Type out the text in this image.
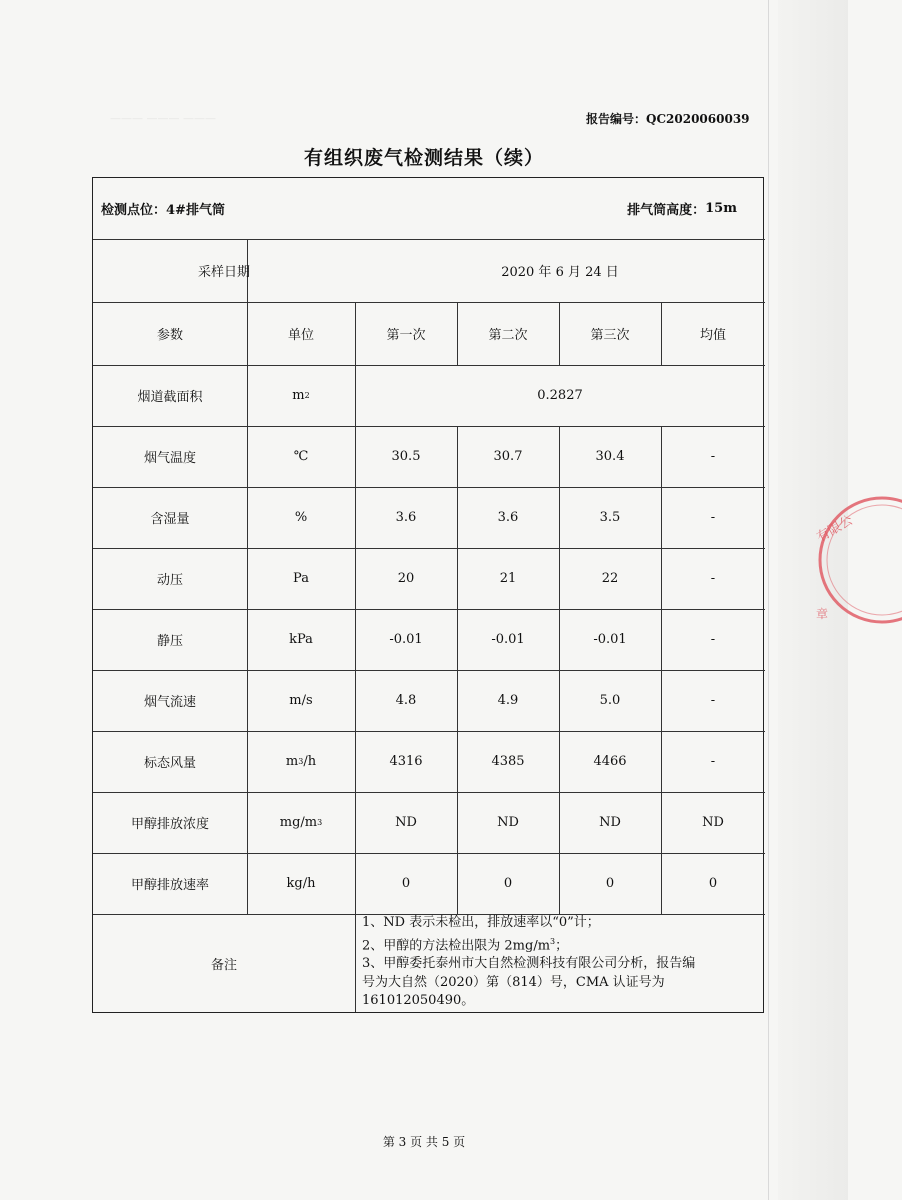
——— ——— ———	报告编号：QC2020060039
有组织废气检测结果（续）
检测点位： 4#排气筒	排气筒高度： 15m
采样日期	2020 年 6 月 24 日
参数	单位	第一次	第二次	第三次	均值
烟道截面积	m 2	0.2827
烟气温度	℃	30.5	30.7	30.4	-
含湿量	%	3.6	3.6	3.5	-
动压	Pa	20	21	22	-
静压	kPa	-0.01	-0.01	-0.01	-
烟气流速	m/s	4.8	4.9	5.0	-
标态风量	m 3 /h	4316	4385	4466	-
甲醇排放浓度	mg/m 3	ND	ND	ND	ND
甲醇排放速率	kg/h	0	0	0	0
备注
1、ND 表示未检出，排放速率以“0”计；
2、甲醇的方法检出限为 $2mg/m^3$；
3、甲醇委托泰州市大自然检测科技有限公司分析，报告编
号为大自然（2020）第（814）号，CMA 认证号为
161012050490。
第 3 页 共 5 页
有限公
章
